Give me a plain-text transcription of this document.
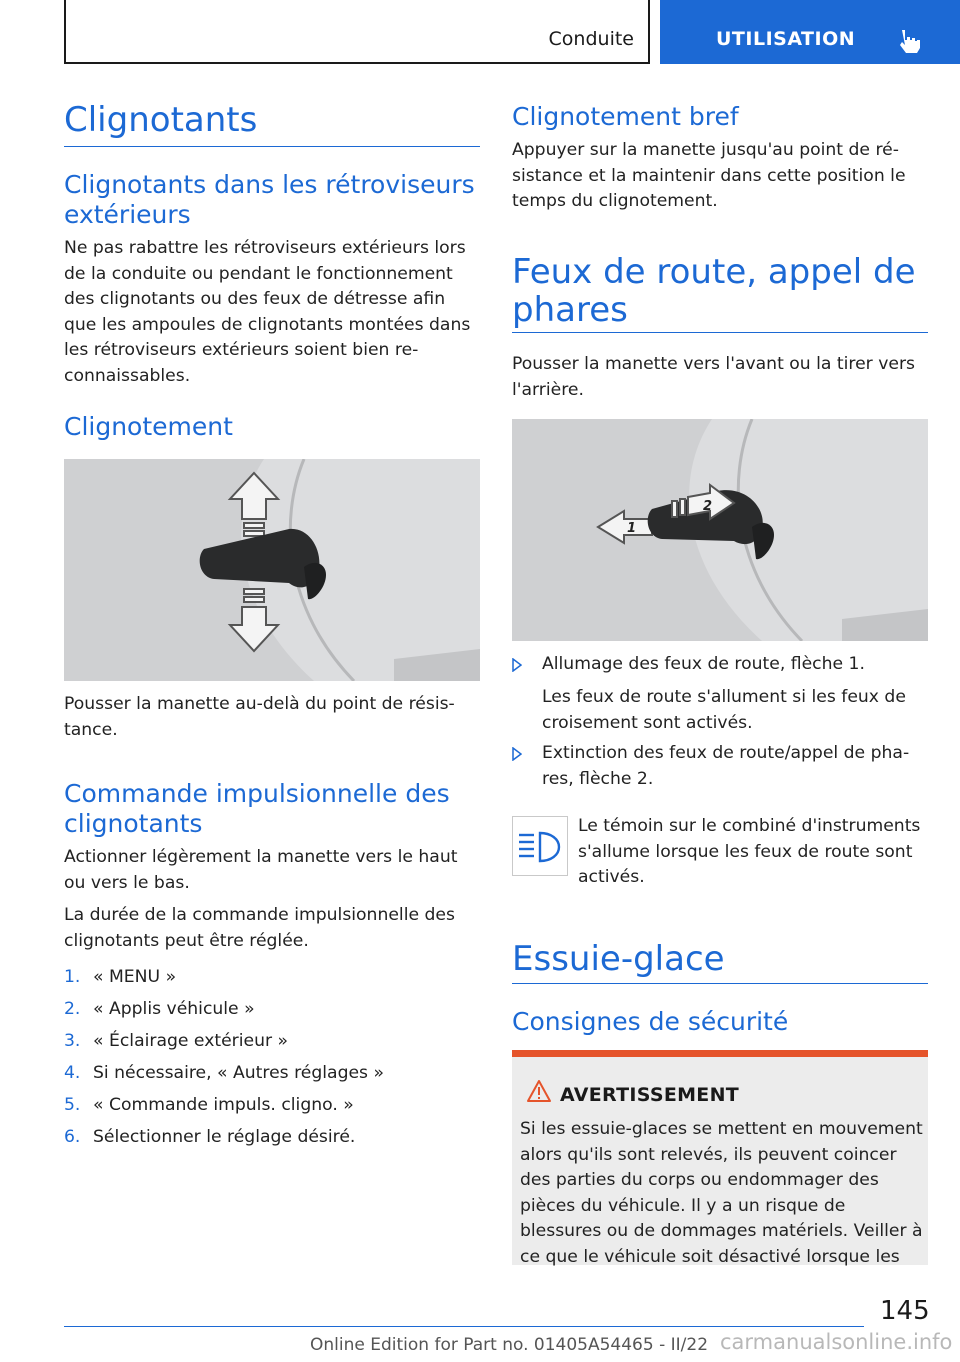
Conduite	UTILISATION
Clignotants
Clignotants dans les rétroviseurs extérieurs

Ne pas rabattre les rétroviseurs extérieurs lors de la conduite ou pendant le fonctionnement des clignotants ou des feux de détresse afin que les ampoules de clignotants montées dans les rétroviseurs extérieurs soient bien reconnaissables.

Clignotement

Pousser la manette au-delà du point de résistance.

Commande impulsionnelle des clignotants

Actionner légèrement la manette vers le haut ou vers le bas.

La durée de la commande impulsionnelle des clignotants peut être réglée.

1. « MENU »
2. « Applis véhicule »
3. « Éclairage extérieur »
4. Si nécessaire, « Autres réglages »
5. « Commande impuls. cligno. »
6. Sélectionner le réglage désiré.
Clignotement bref

Appuyer sur la manette jusqu'au point de résistance et la maintenir dans cette position le temps du clignotement.

Feux de route, appel de phares

Pousser la manette vers l'avant ou la tirer vers l'arrière.

1
2
Allumage des feux de route, flèche 1.

Les feux de route s'allument si les feux de croisement sont activés.

Extinction des feux de route/appel de phares, flèche 2.

Le témoin sur le combiné d'instruments s'allume lorsque les feux de route sont activés.

Essuie-glace
Consignes de sécurité
AVERTISSEMENT
Si les essuie-glaces se mettent en mouvement alors qu'ils sont relevés, ils peuvent coincer des parties du corps ou endommager des pièces du véhicule. Il y a un risque de blessures ou de dommages matériels. Veiller à ce que le véhicule soit désactivé lorsque les
145
Online Edition for Part no. 01405A54465 - II/22 carmanualsonline.info
